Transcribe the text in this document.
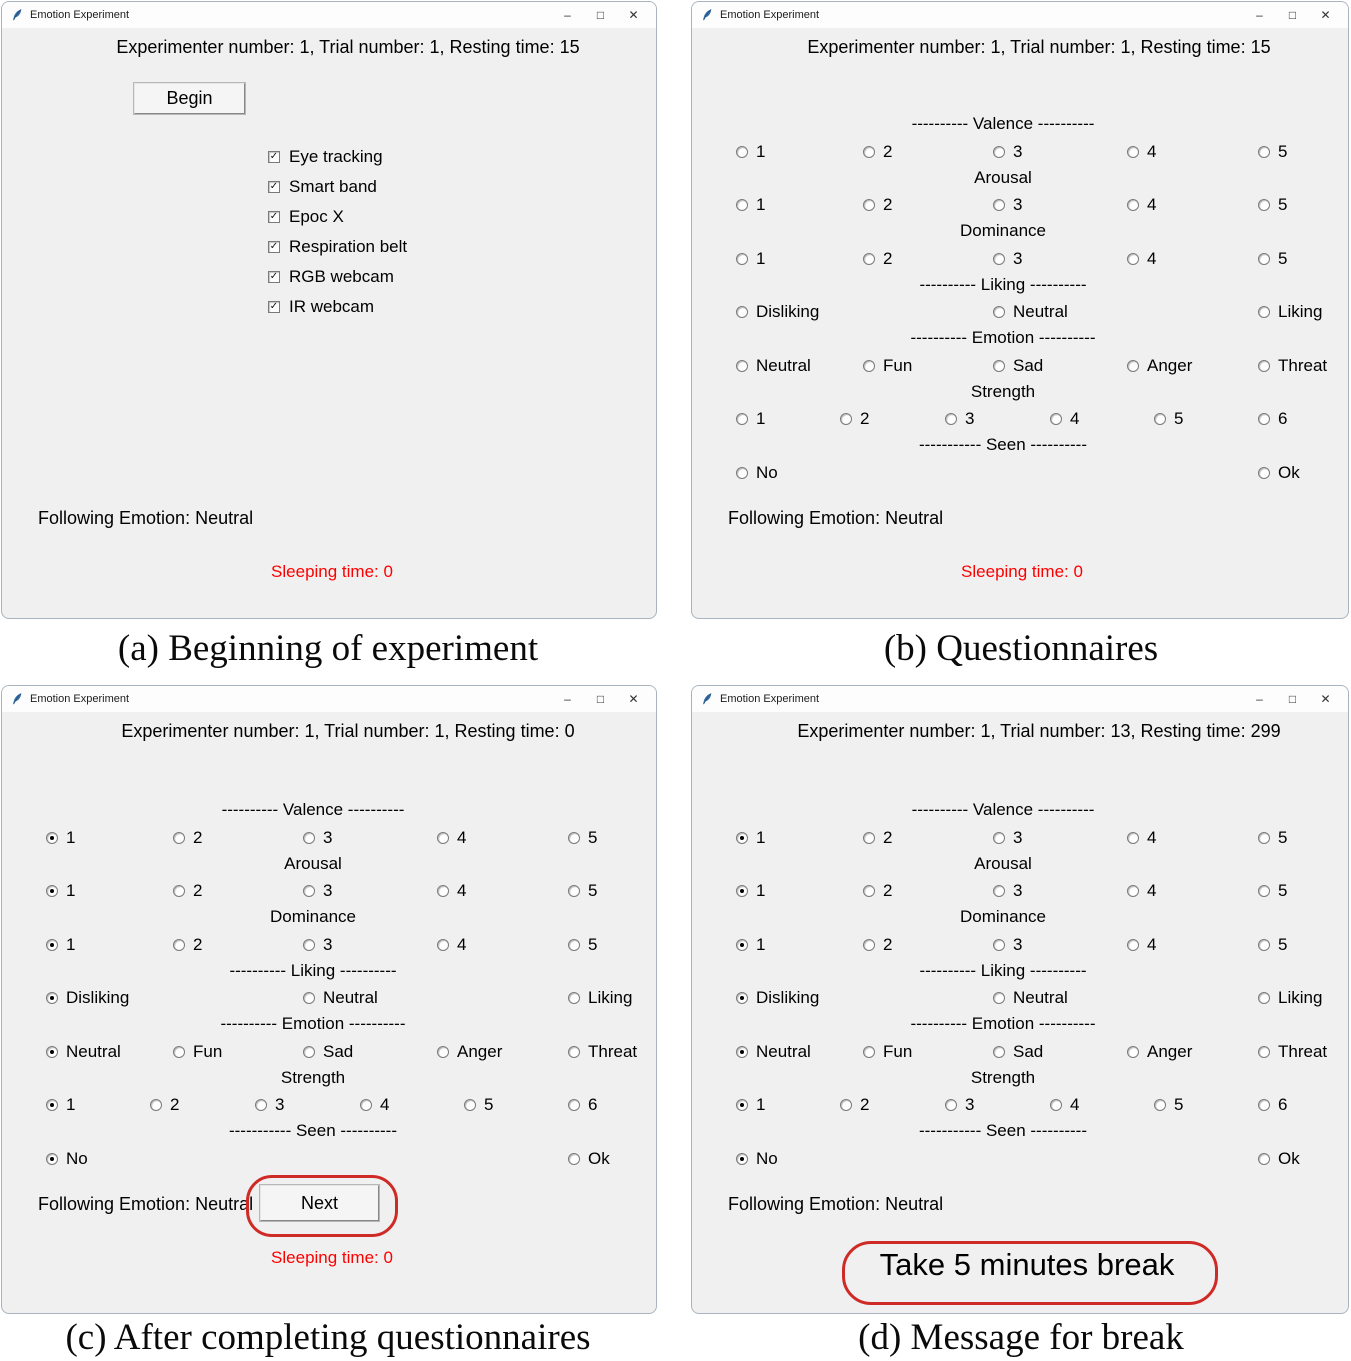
Emotion Experiment	–	□	✕
Experimenter number: 1, Trial number: 1, Resting time: 15
Begin
✓
Eye tracking
✓
Smart band
✓
Epoc X
✓
Respiration belt
✓
RGB webcam
✓
IR webcam
Following Emotion: Neutral
Sleeping time: 0
Emotion Experiment	–	□	✕
Experimenter number: 1, Trial number: 1, Resting time: 15
---------- Valence ----------
1	2	3	4	5
Arousal
1	2	3	4	5
Dominance
1	2	3	4	5
---------- Liking ----------
Disliking	Neutral	Liking
---------- Emotion ----------
Neutral	Fun	Sad	Anger	Threat
Strength
1	2	3	4	5	6
----------- Seen ----------
No	Ok
Following Emotion: Neutral
Sleeping time: 0
Emotion Experiment	–	□	✕
Experimenter number: 1, Trial number: 1, Resting time: 0
---------- Valence ----------
1	2	3	4	5
Arousal
1	2	3	4	5
Dominance
1	2	3	4	5
---------- Liking ----------
Disliking	Neutral	Liking
---------- Emotion ----------
Neutral	Fun	Sad	Anger	Threat
Strength
1	2	3	4	5	6
----------- Seen ----------
No	Ok
Following Emotion: Neutral	Next
Sleeping time: 0
Emotion Experiment	–	□	✕
Experimenter number: 1, Trial number: 13, Resting time: 299
---------- Valence ----------
1	2	3	4	5
Arousal
1	2	3	4	5
Dominance
1	2	3	4	5
---------- Liking ----------
Disliking	Neutral	Liking
---------- Emotion ----------
Neutral	Fun	Sad	Anger	Threat
Strength
1	2	3	4	5	6
----------- Seen ----------
No	Ok
Following Emotion: Neutral
Take 5 minutes break
(a) Beginning of experiment	(b) Questionnaires
(c) After completing questionnaires	(d) Message for break
